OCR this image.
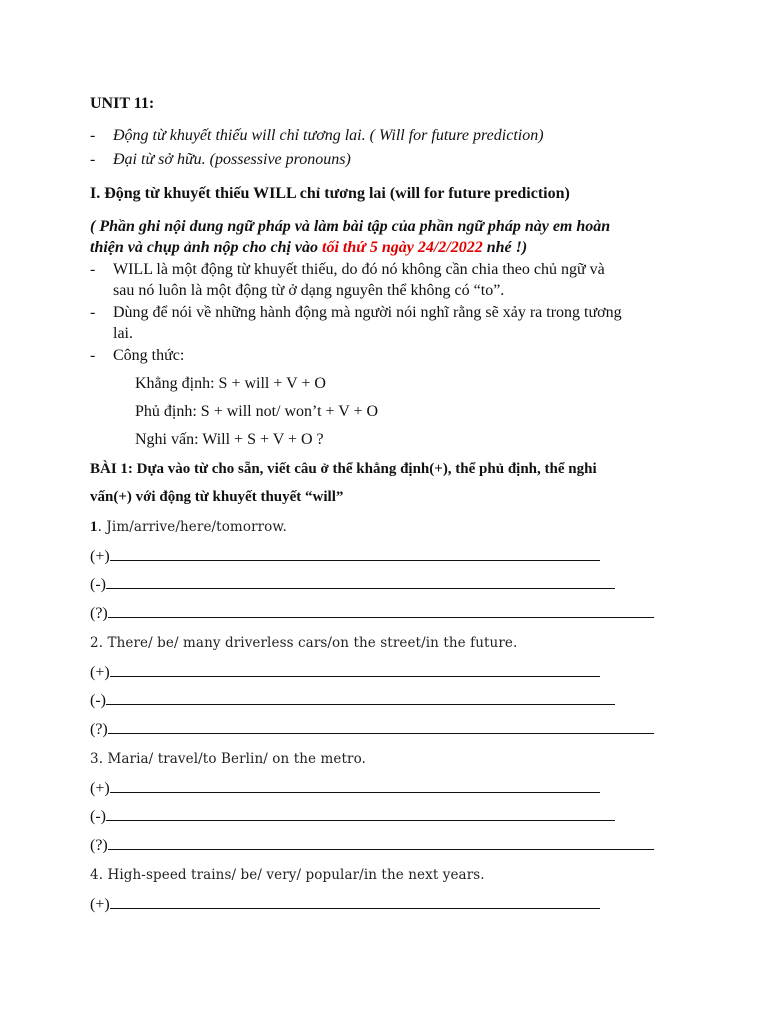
UNIT 11:
- Động từ khuyết thiếu will chỉ tương lai. ( Will for future prediction)
- Đại từ sở hữu. (possessive pronouns)
I. Động từ khuyết thiếu WILL chỉ tương lai (will for future prediction)
( Phần ghi nội dung ngữ pháp và làm bài tập của phần ngữ pháp này em hoàn
thiện và chụp ảnh nộp cho chị vào tối thứ 5 ngày 24/2/2022 nhé !)
- WILL là một động từ khuyết thiếu, do đó nó không cần chia theo chủ ngữ và
sau nó luôn là một động từ ở dạng nguyên thể không có “to”.
- Dùng để nói về những hành động mà người nói nghĩ rằng sẽ xảy ra trong tương
lai.
- Công thức:
Khẳng định: S + will + V + O
Phủ định: S + will not/ won’t + V + O
Nghi vấn: Will + S + V + O ?
BÀI 1: Dựa vào từ cho sẵn, viết câu ở thể khẳng định(+), thể phủ định, thể nghi
vấn(+) với động từ khuyết thuyết “will”
1. Jim/arrive/here/tomorrow.
(+)
(-)
(?)
2. There/ be/ many driverless cars/on the street/in the future.
(+)
(-)
(?)
3. Maria/ travel/to Berlin/ on the metro.
(+)
(-)
(?)
4. High-speed trains/ be/ very/ popular/in the next years.
(+)
